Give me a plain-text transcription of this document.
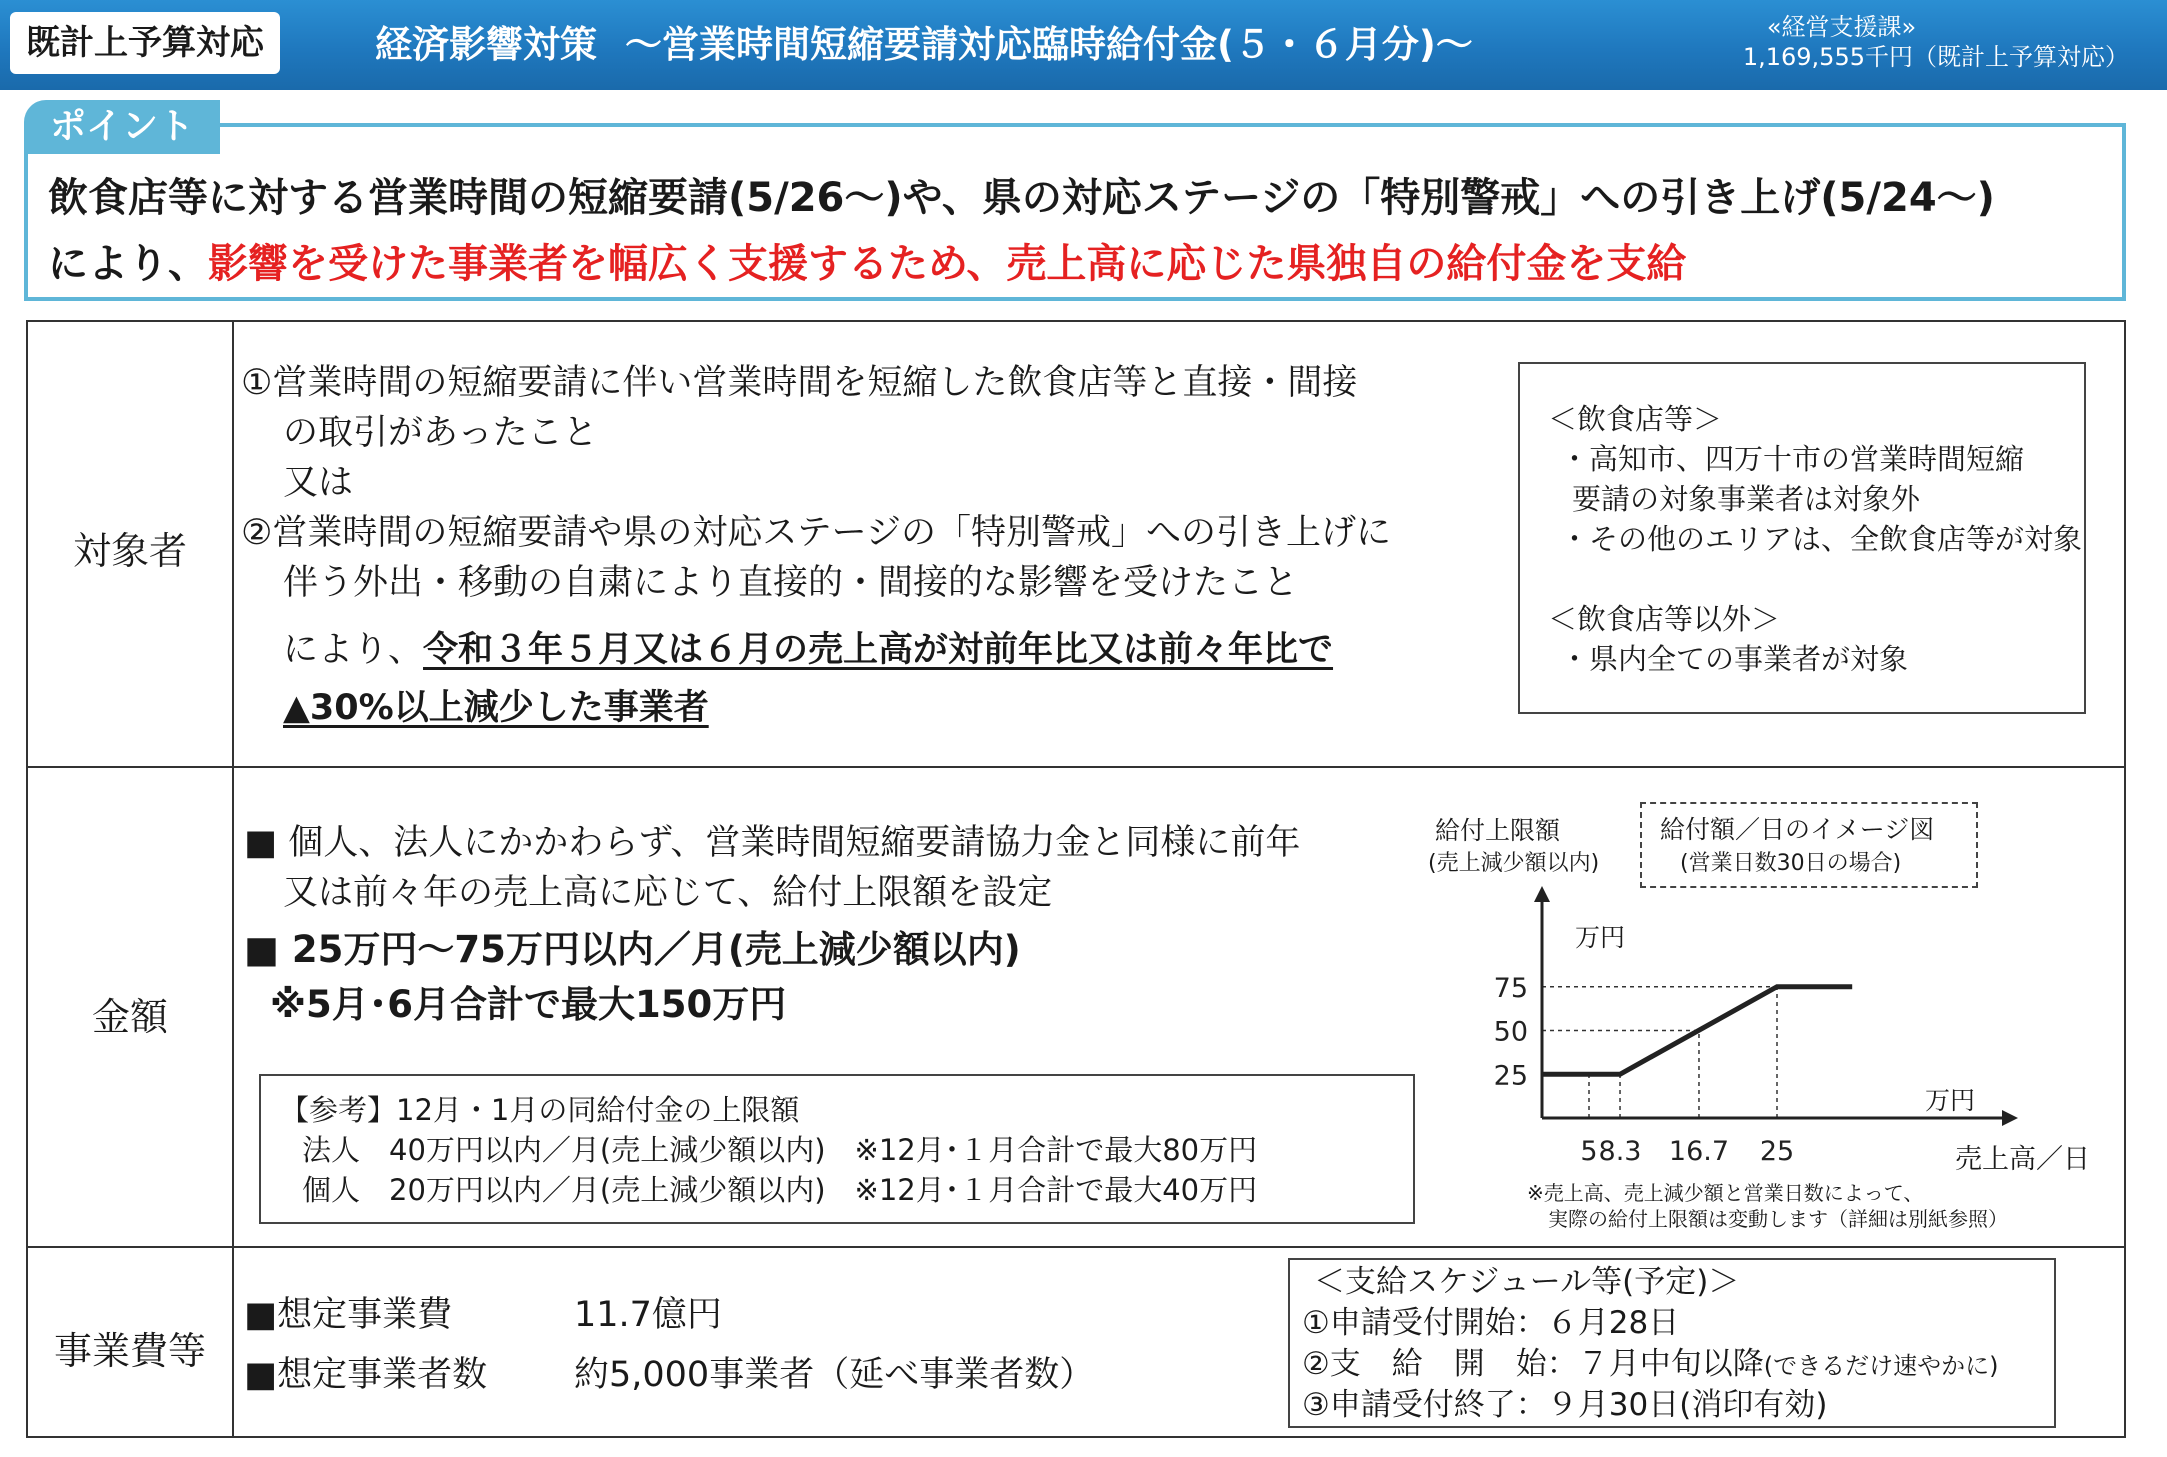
既計上予算対応	経済影響対策 ～営業時間短縮要請対応臨時給付金(５・６月分)～	«経営支援課»
1,169,555千円（既計上予算対応）
ポイント
飲食店等に対する営業時間の短縮要請(5/26～)や、県の対応ステージの「特別警戒」への引き上げ(5/24～)
により、影響を受けた事業者を幅広く支援するため、売上高に応じた県独自の給付金を支給
対象者
①営業時間の短縮要請に伴い営業時間を短縮した飲食店等と直接・間接
の取引があったこと
又は
②営業時間の短縮要請や県の対応ステージの「特別警戒」への引き上げに
伴う外出・移動の自粛により直接的・間接的な影響を受けたこと
により、令和３年５月又は６月の売上高が対前年比又は前々年比で
▲30%以上減少した事業者
＜飲食店等＞
・高知市、四万十市の営業時間短縮
要請の対象事業者は対象外
・その他のエリアは、全飲食店等が対象
＜飲食店等以外＞
・県内全ての事業者が対象
金額
■ 個人、法人にかかわらず、営業時間短縮要請協力金と同様に前年
又は前々年の売上高に応じて、給付上限額を設定
■ 25万円～75万円以内／月(売上減少額以内)
※5月･6月合計で最大150万円
【参考】12月・1月の同給付金の上限額
法人　40万円以内／月(売上減少額以内)　※12月･１月合計で最大80万円
個人　20万円以内／月(売上減少額以内)　※12月･１月合計で最大40万円
給付上限額
(売上減少額以内)
給付額／日のイメージ図
(営業日数30日の場合)
5 8.3 16.7 25
25
50
75
万円
万円
売上高／日
※売上高、売上減少額と営業日数によって、
実際の給付上限額は変動します（詳細は別紙参照）
事業費等
■想定事業費	11.7億円
■想定事業者数 約5,000事業者（延べ事業者数）
＜支給スケジュール等(予定)＞
①申請受付開始：６月28日
②支　給　開　始：７月中旬以降(できるだけ速やかに)
③申請受付終了：９月30日(消印有効)
